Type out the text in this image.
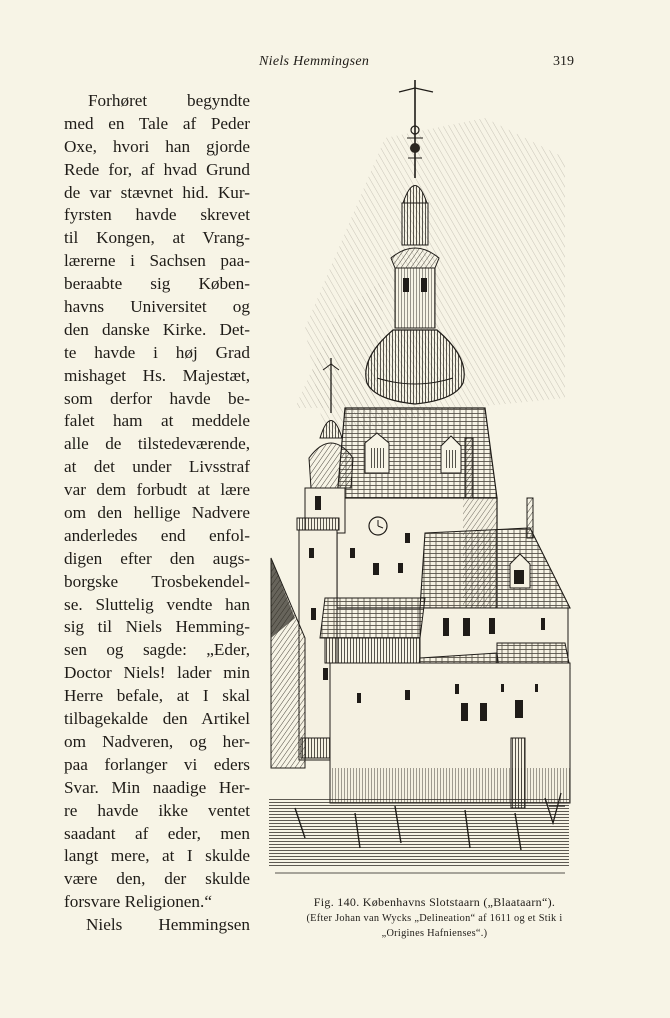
Niels Hemmingsen	319
Forhøret begyndte
med en Tale af Peder
Oxe, hvori han gjorde
Rede for, af hvad Grund
de var stævnet hid. Kur-
fyrsten havde skrevet
til Kongen, at Vrang-
lærerne i Sachsen paa-
beraabte sig Køben-
havns Universitet og
den danske Kirke. Det-
te havde i høj Grad
mishaget Hs. Majestæt,
som derfor havde be-
falet ham at meddele
alle de tilstedeværende,
at det under Livsstraf
var dem forbudt at lære
om den hellige Nadvere
anderledes end enfol-
digen efter den augs-
borgske Trosbekendel-
se. Sluttelig vendte han
sig til Niels Hemming-
sen og sagde: „Eder,
Doctor Niels! lader min
Herre befale, at I skal
tilbagekalde den Artikel
om Nadveren, og her-
paa forlanger vi eders
Svar. Min naadige Her-
re havde ikke ventet
saadant af eder, men
langt mere, at I skulde
være den, der skulde
forsvare Religionen.“
Niels Hemmingsen
Fig. 140. Københavns Slotstaarn („Blaataarn“).
(Efter Johan van Wycks „Delineation“ af 1611 og et Stik i
„Origines Hafnienses“.)
